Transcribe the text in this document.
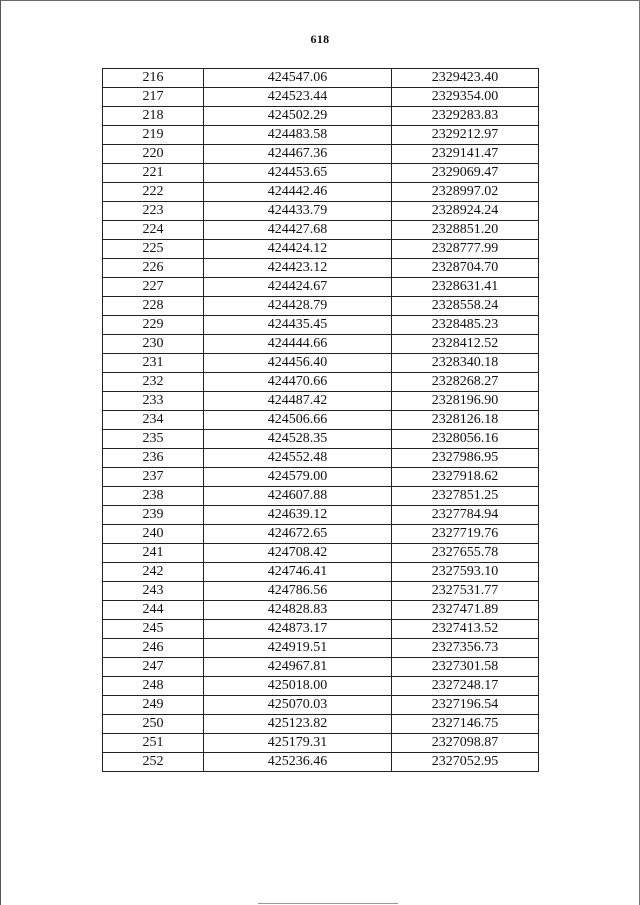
618
216	424547.06	2329423.40
217	424523.44	2329354.00
218	424502.29	2329283.83
219	424483.58	2329212.97
220	424467.36	2329141.47
221	424453.65	2329069.47
222	424442.46	2328997.02
223	424433.79	2328924.24
224	424427.68	2328851.20
225	424424.12	2328777.99
226	424423.12	2328704.70
227	424424.67	2328631.41
228	424428.79	2328558.24
229	424435.45	2328485.23
230	424444.66	2328412.52
231	424456.40	2328340.18
232	424470.66	2328268.27
233	424487.42	2328196.90
234	424506.66	2328126.18
235	424528.35	2328056.16
236	424552.48	2327986.95
237	424579.00	2327918.62
238	424607.88	2327851.25
239	424639.12	2327784.94
240	424672.65	2327719.76
241	424708.42	2327655.78
242	424746.41	2327593.10
243	424786.56	2327531.77
244	424828.83	2327471.89
245	424873.17	2327413.52
246	424919.51	2327356.73
247	424967.81	2327301.58
248	425018.00	2327248.17
249	425070.03	2327196.54
250	425123.82	2327146.75
251	425179.31	2327098.87
252	425236.46	2327052.95
